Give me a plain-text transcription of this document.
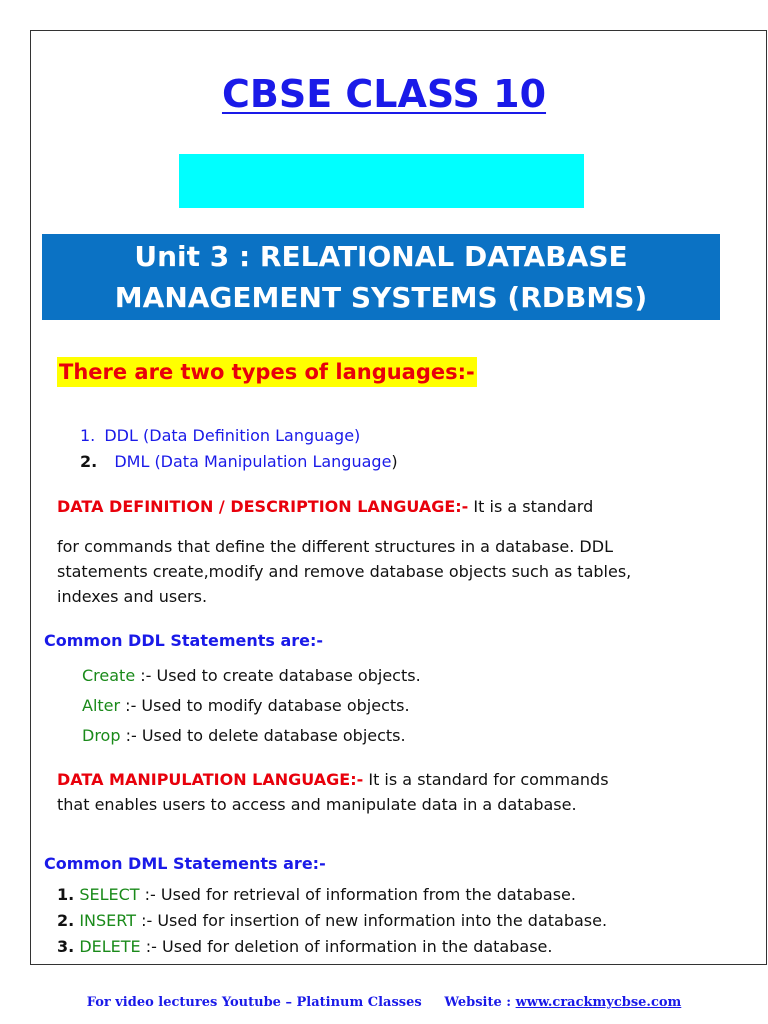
CBSE CLASS 10
Unit 3 : RELATIONAL DATABASE
MANAGEMENT SYSTEMS (RDBMS)
There are two types of languages:-
1. DDL (Data Definition Language)
2. DML (Data Manipulation Language)
DATA DEFINITION / DESCRIPTION LANGUAGE:- It is a standard
for commands that define the different structures in a database. DDL
statements create,modify and remove database objects such as tables,
indexes and users.
Common DDL Statements are:-
Create :- Used to create database objects.
Alter :- Used to modify database objects.
Drop :- Used to delete database objects.
DATA MANIPULATION LANGUAGE:- It is a standard for commands
that enables users to access and manipulate data in a database.
Common DML Statements are:-
1. SELECT :- Used for retrieval of information from the database.
2. INSERT :- Used for insertion of new information into the database.
3. DELETE :- Used for deletion of information in the database.
For video lectures Youtube – Platinum Classes     Website : www.crackmycbse.com
